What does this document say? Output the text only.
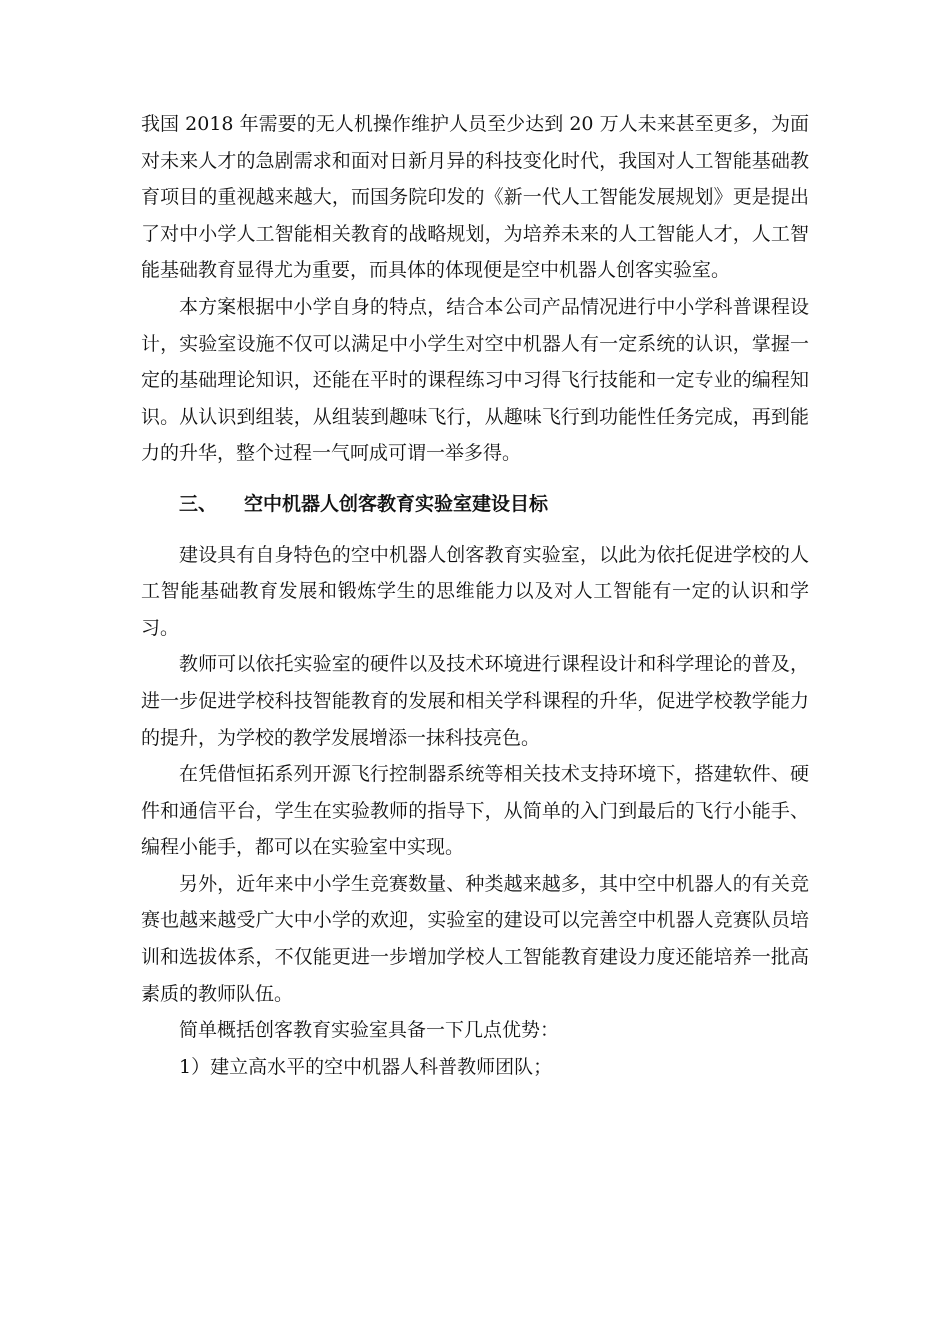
我国 2018 年需要的无人机操作维护人员至少达到 20 万人未来甚至更多，为面对未来人才的急剧需求和面对日新月异的科技变化时代，我国对人工智能基础教育项目的重视越来越大，而国务院印发的《新一代人工智能发展规划》更是提出了对中小学人工智能相关教育的战略规划，为培养未来的人工智能人才，人工智能基础教育显得尤为重要，而具体的体现便是空中机器人创客实验室。

本方案根据中小学自身的特点，结合本公司产品情况进行中小学科普课程设计，实验室设施不仅可以满足中小学生对空中机器人有一定系统的认识，掌握一定的基础理论知识，还能在平时的课程练习中习得飞行技能和一定专业的编程知识。从认识到组装，从组装到趣味飞行，从趣味飞行到功能性任务完成，再到能力的升华，整个过程一气呵成可谓一举多得。

三、 空中机器人创客教育实验室建设目标

建设具有自身特色的空中机器人创客教育实验室，以此为依托促进学校的人工智能基础教育发展和锻炼学生的思维能力以及对人工智能有一定的认识和学习。

教师可以依托实验室的硬件以及技术环境进行课程设计和科学理论的普及，进一步促进学校科技智能教育的发展和相关学科课程的升华，促进学校教学能力的提升，为学校的教学发展增添一抹科技亮色。

在凭借恒拓系列开源飞行控制器系统等相关技术支持环境下，搭建软件、硬件和通信平台，学生在实验教师的指导下，从简单的入门到最后的飞行小能手、编程小能手，都可以在实验室中实现。

另外，近年来中小学生竞赛数量、种类越来越多，其中空中机器人的有关竞赛也越来越受广大中小学的欢迎，实验室的建设可以完善空中机器人竞赛队员培训和选拔体系，不仅能更进一步增加学校人工智能教育建设力度还能培养一批高素质的教师队伍。

简单概括创客教育实验室具备一下几点优势：

1）建立高水平的空中机器人科普教师团队；
